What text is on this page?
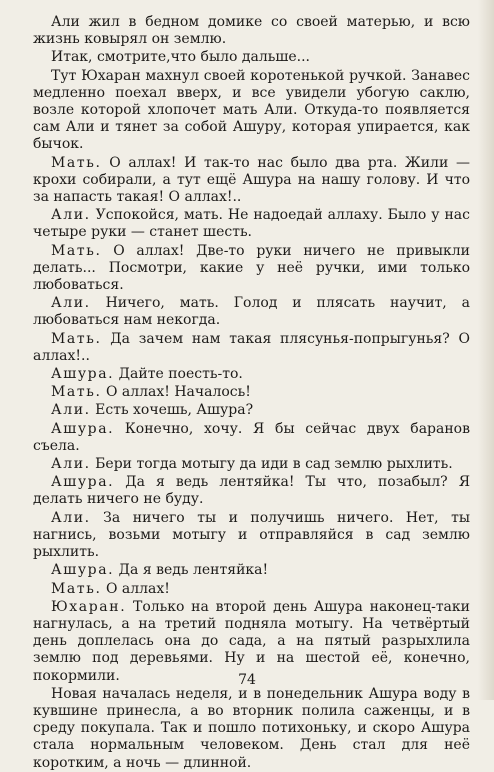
Али жил в бедном домике со своей матерью, и всю жизнь ковырял он землю.

Итак, смотрите,что было дальше...

Тут Юхаран махнул своей коротенькой ручкой. Занавес медленно поехал вверх, и все увидели убогую саклю, возле которой хлопочет мать Али. Откуда-то появляется сам Али и тянет за собой Ашуру, которая упирается, как бычок.

Мать. О аллах! И так-то нас было два рта. Жили — крохи собирали, а тут ещё Ашура на нашу голову. И что за напасть такая! О аллах!..

Али. Успокойся, мать. Не надоедай аллаху. Было у нас четыре руки — станет шесть.

Мать. О аллах! Две-то руки ничего не привыкли делать... Посмотри, какие у неё ручки, ими только любоваться.

Али. Ничего, мать. Голод и плясать научит, а любоваться нам некогда.

Мать. Да зачем нам такая плясунья-попрыгунья? О аллах!..

Ашура. Дайте поесть-то.

Мать. О аллах! Началось!

Али. Есть хочешь, Ашура?

Ашура. Конечно, хочу. Я бы сейчас двух баранов съела.

Али. Бери тогда мотыгу да иди в сад землю рыхлить.

Ашура. Да я ведь лентяйка! Ты что, позабыл? Я делать ничего не буду.

Али. За ничего ты и получишь ничего. Нет, ты нагнись, возьми мотыгу и отправляйся в сад землю рыхлить.

Ашура. Да я ведь лентяйка!

Мать. О аллах!

Юхаран. Только на второй день Ашура наконец-таки нагнулась, а на третий подняла мотыгу. На четвёртый день доплелась она до сада, а на пятый разрыхлила землю под деревьями. Ну и на шестой её, конечно, покормили.

Новая началась неделя, и в понедельник Ашура воду в кувшине принесла, а во вторник полила саженцы, и в среду покупала. Так и пошло потихоньку, и скоро Ашура стала нормальным человеком. День стал для неё коротким, а ночь — длинной.

74
